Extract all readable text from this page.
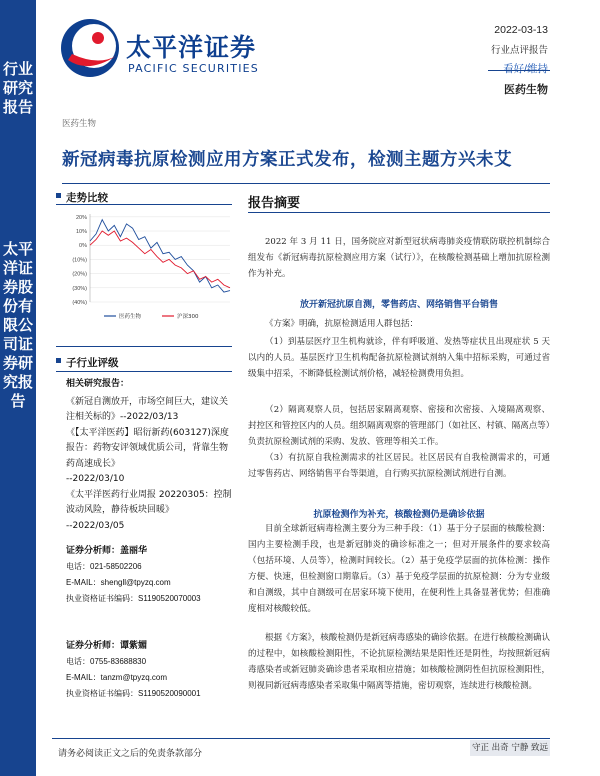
行业研究报告
太平洋证券股份有限公司证券研究报告
太平洋证券
PACIFIC SECURITIES
2022-03-13
行业点评报告
看好/维持
医药生物
医药生物
新冠病毒抗原检测应用方案正式发布，检测主题方兴未艾
走势比较
20%
10%
0%
(10%)
(20%)
(30%)
(40%)
医药生物	沪深300
子行业评级
相关研究报告：
《新冠自测放开，市场空间巨大，建议关注相关标的》--2022/03/13
《【太平洋医药】昭衍新药(603127)深度报告：药物安评领域优质公司，背靠生物药高速成长》
--2022/03/10
《太平洋医药行业周报 20220305：控制波动风险，静待板块回暖》
--2022/03/05
证券分析师：盖丽华
电话：021-58502206
E-MAIL：shengll@tpyzq.com
执业资格证书编码：S1190520070003
证券分析师：谭紫媚
电话：0755-83688830
E-MAIL：tanzm@tpyzq.com
执业资格证书编码：S1190520090001
报告摘要
2022 年 3 月 11 日，国务院应对新型冠状病毒肺炎疫情联防联控机制综合组发布《新冠病毒抗原检测应用方案（试行）》，在核酸检测基础上增加抗原检测作为补充。
放开新冠抗原自测，零售药店、网络销售平台销售
《方案》明确，抗原检测适用人群包括：
（1）到基层医疗卫生机构就诊，伴有呼吸道、发热等症状且出现症状 5 天以内的人员。基层医疗卫生机构配备抗原检测试剂纳入集中招标采购，可通过省级集中招采，不断降低检测试剂价格，减轻检测费用负担。
（2）隔离观察人员，包括居家隔离观察、密接和次密接、入境隔离观察、封控区和管控区内的人员。组织隔离观察的管理部门（如社区、村镇、隔离点等）负责抗原检测试剂的采购、发放、管理等相关工作。
（3）有抗原自我检测需求的社区居民。社区居民有自我检测需求的，可通过零售药店、网络销售平台等渠道，自行购买抗原检测试剂进行自测。
抗原检测作为补充，核酸检测仍是确诊依据
目前全球新冠病毒检测主要分为三种手段：（1）基于分子层面的核酸检测：国内主要检测手段，也是新冠肺炎的确诊标准之一；但对开展条件的要求较高（包括环境、人员等），检测时间较长。（2）基于免疫学层面的抗体检测：操作方便、快速，但检测窗口期靠后。（3）基于免疫学层面的抗原检测：分为专业级和自测级，其中自测级可在居家环境下使用，在便利性上具备显著优势；但准确度相对核酸较低。
根据《方案》，核酸检测仍是新冠病毒感染的确诊依据。在进行核酸检测确认的过程中，如核酸检测阳性，不论抗原检测结果是阳性还是阴性，均按照新冠病毒感染者或新冠肺炎确诊患者采取相应措施；如核酸检测阴性但抗原检测阳性，则视同新冠病毒感染者采取集中隔离等措施，密切观察，连续进行核酸检测。
请务必阅读正文之后的免责条款部分
守正 出奇 宁静 致远
